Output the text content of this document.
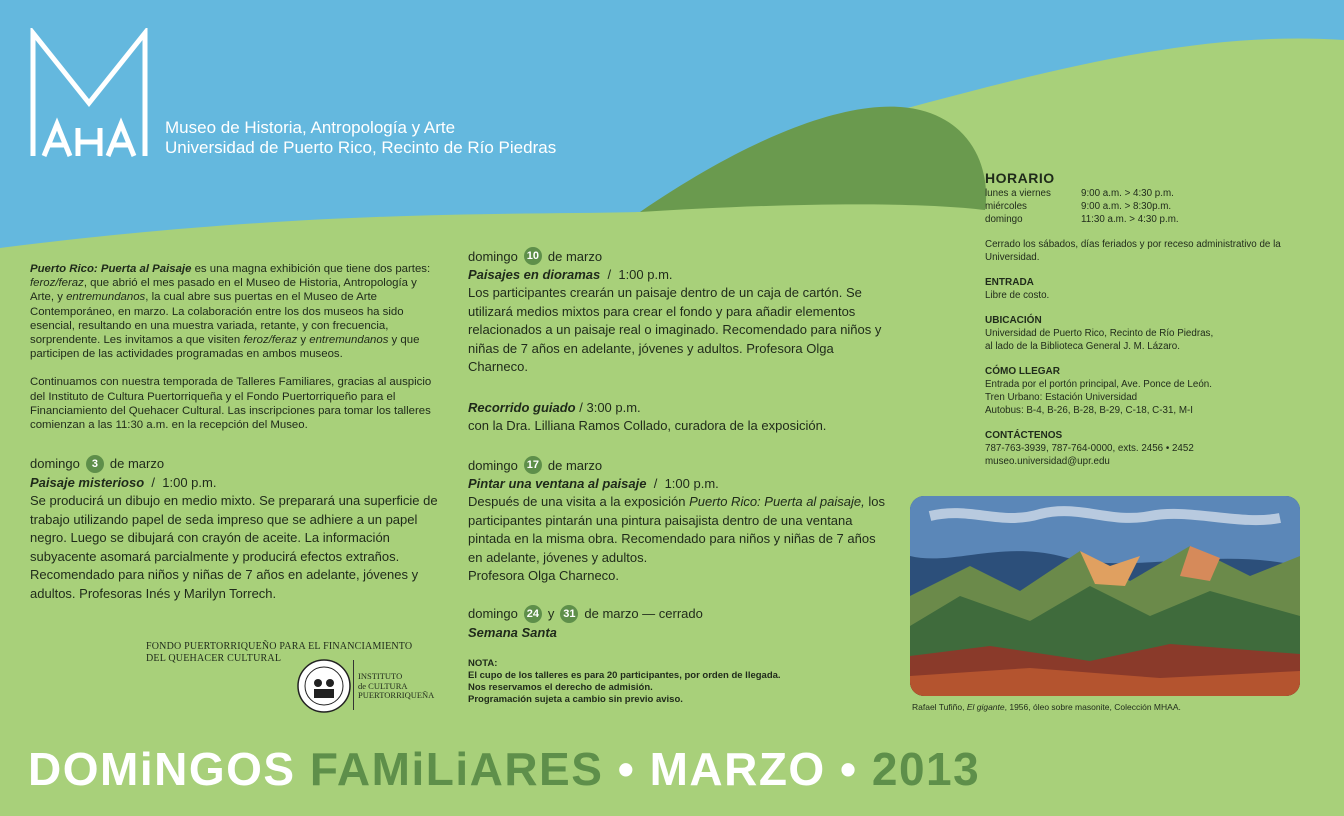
Museo de Historia, Antropología y Arte
Universidad de Puerto Rico, Recinto de Río Piedras

Puerto Rico: Puerta al Paisaje es una magna exhibición que tiene dos partes: feroz/feraz, que abrió el mes pasado en el Museo de Historia, Antropología y Arte, y entremundanos, la cual abre sus puertas en el Museo de Arte Contemporáneo, en marzo. La colaboración entre los dos museos ha sido esencial, resultando en una muestra variada, retante, y con frecuencia, sorprendente. Les invitamos a que visiten feroz/feraz y entremundanos y que participen de las actividades programadas en ambos museos.

Continuamos con nuestra temporada de Talleres Familiares, gracias al auspicio del Instituto de Cultura Puertorriqueña y el Fondo Puertorriqueño para el Financiamiento del Quehacer Cultural. Las inscripciones para tomar los talleres comienzan a las 11:30 a.m. en la recepción del Museo.

domingo	3 de marzo
Paisaje misterioso / 1:00 p.m.
Se producirá un dibujo en medio mixto. Se preparará una superficie de trabajo utilizando papel de seda impreso que se adhiere a un papel negro. Luego se dibujará con crayón de aceite. La información subyacente asomará parcialmente y producirá efectos extraños. Recomendado para niños y niñas de 7 años en adelante, jóvenes y adultos. Profesoras Inés y Marilyn Torrech.
FONDO PUERTORRIQUEÑO PARA EL FINANCIAMIENTO
DEL QUEHACER CULTURAL
INSTITUTO
de CULTURA
PUERTORRIQUEÑA
domingo 10 de marzo
Paisajes en dioramas / 1:00 p.m.
Los participantes crearán un paisaje dentro de un caja de cartón. Se utilizará medios mixtos para crear el fondo y para añadir elementos relacionados a un paisaje real o imaginado. Recomendado para niños y niñas de 7 años en adelante, jóvenes y adultos. Profesora Olga Charneco.
Recorrido guiado / 3:00 p.m.
con la Dra. Lilliana Ramos Collado, curadora de la exposición.
domingo 17 de marzo
Pintar una ventana al paisaje / 1:00 p.m.
Después de una visita a la exposición Puerto Rico: Puerta al paisaje, los participantes pintarán una pintura paisajista dentro de una ventana pintada en la misma obra. Recomendado para niños y niñas de 7 años en adelante, jóvenes y adultos.
Profesora Olga Charneco.
domingo 24 y 31 de marzo — cerrado
Semana Santa
NOTA:
El cupo de los talleres es para 20 participantes, por orden de llegada.
Nos reservamos el derecho de admisión.
Programación sujeta a cambio sin previo aviso.
HORARIO
lunes a viernes	9:00 a.m. > 4:30 p.m.
miércoles	9:00 a.m. > 8:30p.m.
domingo	11:30 a.m. > 4:30 p.m.
Cerrado los sábados, días feriados y por receso administrativo de la Universidad.
ENTRADA
Libre de costo.
UBICACIÓN
Universidad de Puerto Rico, Recinto de Río Piedras,
al lado de la Biblioteca General J. M. Lázaro.
CÓMO LLEGAR
Entrada por el portón principal, Ave. Ponce de León.
Tren Urbano: Estación Universidad
Autobus: B-4, B-26, B-28, B-29, C-18, C-31, M-I
CONTÁCTENOS
787-763-3939, 787-764-0000, exts. 2456 • 2452
museo.universidad@upr.edu
Rafael Tufiño, El gigante, 1956, óleo sobre masonite, Colección MHAA.
DOMiNGOS FAMiLiARES • MARZO • 2013
